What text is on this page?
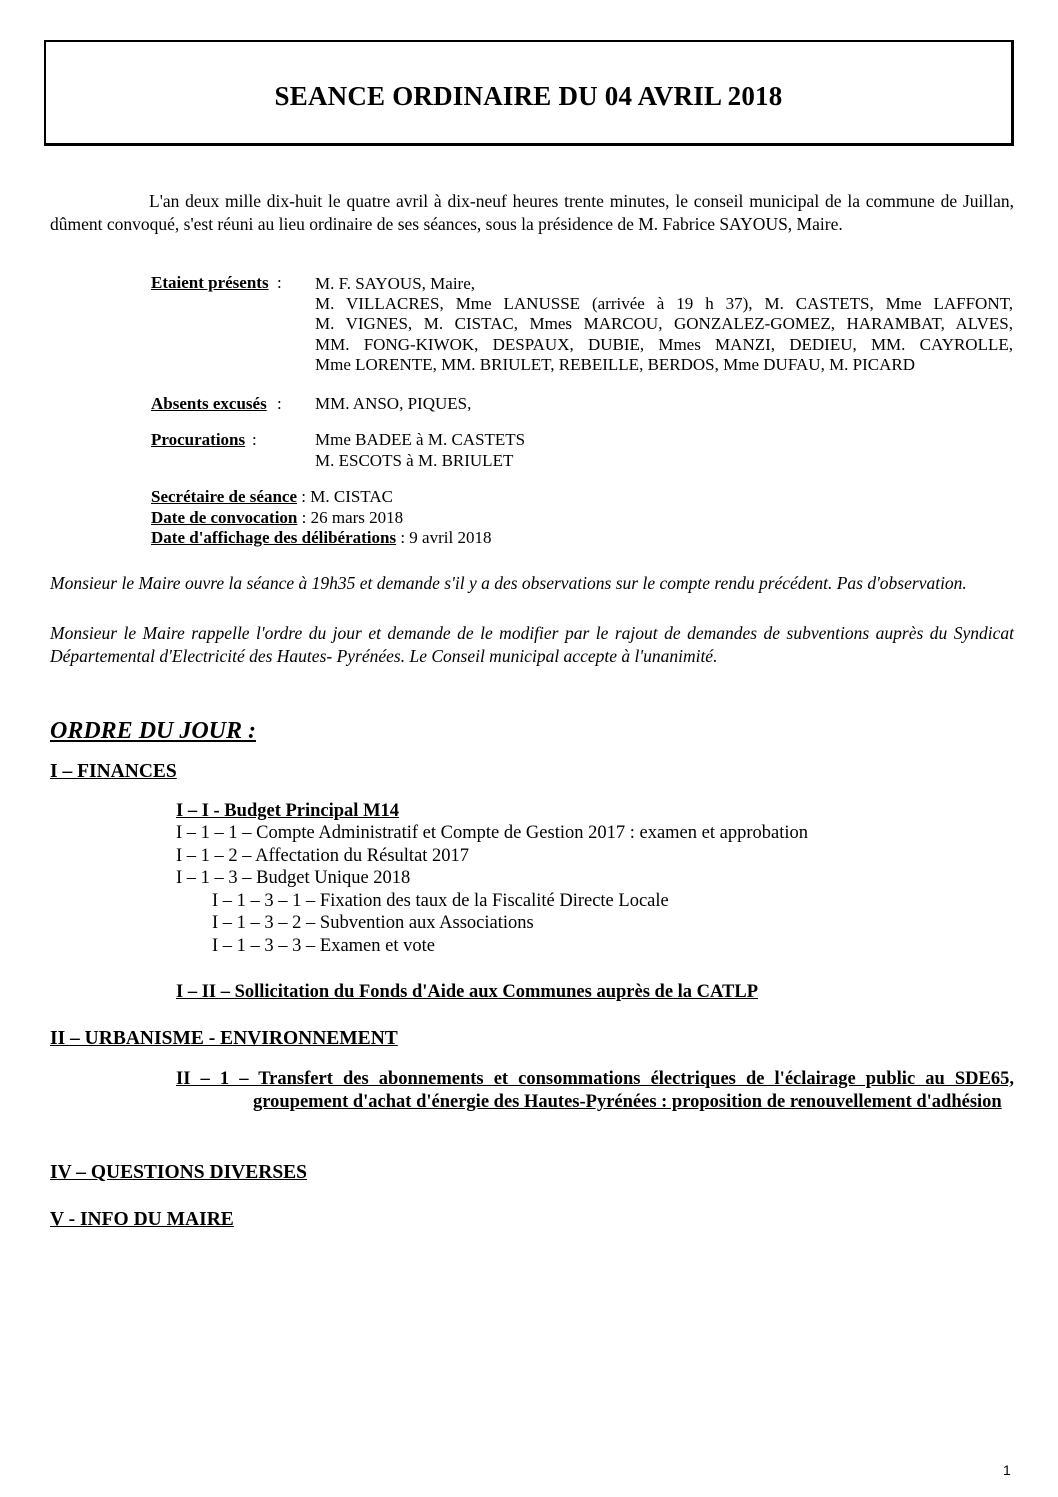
SEANCE ORDINAIRE DU 04 AVRIL 2018
L'an deux mille dix-huit le quatre avril à dix-neuf heures trente minutes, le conseil municipal de la commune de Juillan, dûment convoqué, s'est réuni au lieu ordinaire de ses séances, sous la présidence de M. Fabrice SAYOUS, Maire.
Etaient présents : M. F. SAYOUS, Maire,
M. VILLACRES, Mme LANUSSE (arrivée à 19 h 37), M. CASTETS, Mme LAFFONT,
M. VIGNES, M. CISTAC, Mmes MARCOU, GONZALEZ-GOMEZ, HARAMBAT, ALVES,
MM. FONG-KIWOK, DESPAUX, DUBIE, Mmes MANZI, DEDIEU, MM. CAYROLLE,
Mme LORENTE, MM. BRIULET, REBEILLE, BERDOS, Mme DUFAU, M. PICARD
Absents excusés : MM. ANSO, PIQUES,
Procurations :	Mme BADEE à M. CASTETS
M. ESCOTS à M. BRIULET
Secrétaire de séance : M. CISTAC
Date de convocation : 26 mars 2018
Date d'affichage des délibérations : 9 avril 2018
Monsieur le Maire ouvre la séance à 19h35 et demande s'il y a des observations sur le compte rendu précédent. Pas d'observation.
Monsieur le Maire rappelle l'ordre du jour et demande de le modifier par le rajout de demandes de subventions auprès du Syndicat Départemental d'Electricité des Hautes- Pyrénées. Le Conseil municipal accepte à l'unanimité.
ORDRE DU JOUR :
I – FINANCES
I – I - Budget Principal M14
I – 1 – 1 – Compte Administratif et Compte de Gestion 2017 : examen et approbation
I – 1 – 2 – Affectation du Résultat 2017
I – 1 – 3 – Budget Unique 2018
I – 1 – 3 – 1 – Fixation des taux de la Fiscalité Directe Locale
I – 1 – 3 – 2 – Subvention aux Associations
I – 1 – 3 – 3 – Examen et vote
I – II – Sollicitation du Fonds d'Aide aux Communes auprès de la CATLP
II – URBANISME - ENVIRONNEMENT
II – 1 – Transfert des abonnements et consommations électriques de l'éclairage public au SDE65,
groupement d'achat d'énergie des Hautes-Pyrénées : proposition de renouvellement d'adhésion
IV – QUESTIONS DIVERSES
V - INFO DU MAIRE
1
